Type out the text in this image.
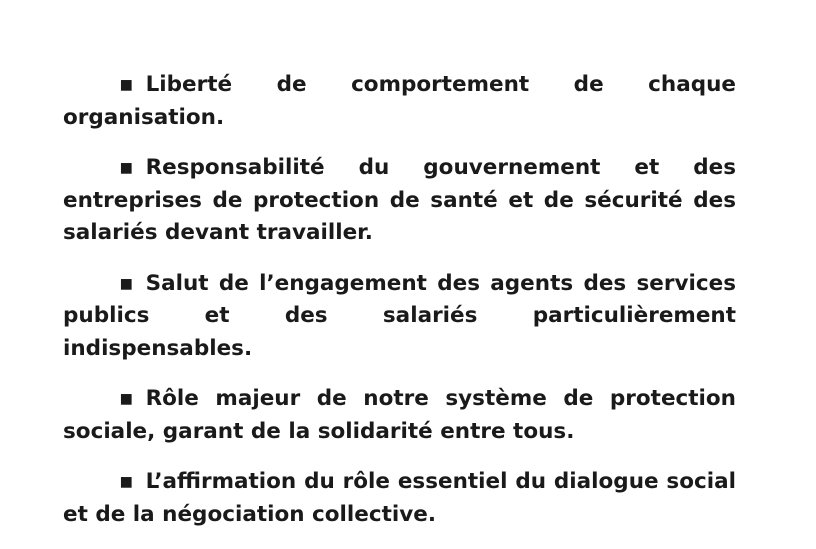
▪ Liberté de comportement de chaque organisation.

▪ Responsabilité du gouvernement et des entreprises de protection de santé et de sécurité des salariés devant travailler.

▪ Salut de l’engagement des agents des services publics et des salariés particulièrement indispensables.

▪ Rôle majeur de notre système de protection sociale, garant de la solidarité entre tous.

▪ L’affirmation du rôle essentiel du dialogue social et de la négociation collective.
